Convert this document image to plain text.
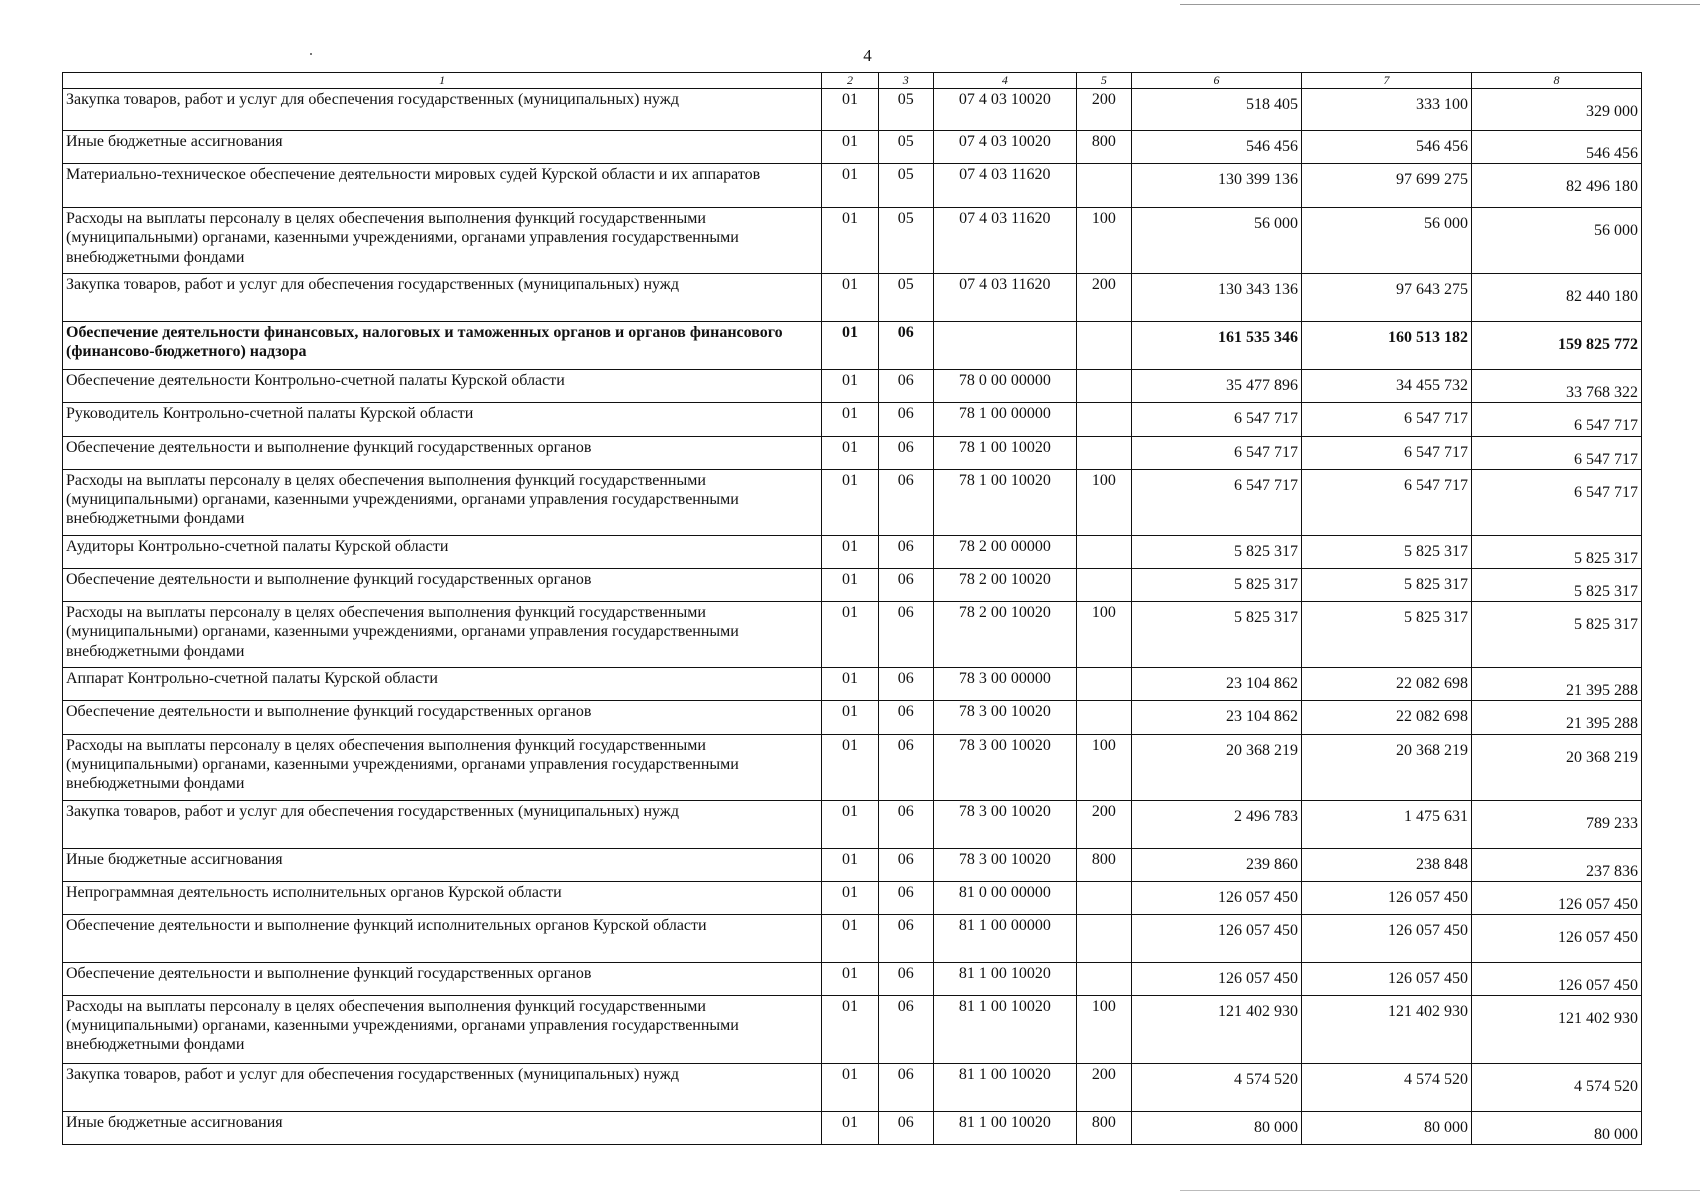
4
1	2	3	4	5	6	7	8
Закупка товаров, работ и услуг для обеспечения государственных (муниципальных) нужд	01	05	07 4 03 10020	200	518 405	333 100	329 000
Иные бюджетные ассигнования	01	05	07 4 03 10020	800	546 456	546 456	546 456
Материально-техническое обеспечение деятельности мировых судей Курской области и их аппаратов	01	05	07 4 03 11620		130 399 136	97 699 275	82 496 180
Расходы на выплаты персоналу в целях обеспечения выполнения функций государственными (муниципальными) органами, казенными учреждениями, органами управления государственными внебюджетными фондами	01	05	07 4 03 11620	100	56 000	56 000	56 000
Закупка товаров, работ и услуг для обеспечения государственных (муниципальных) нужд	01	05	07 4 03 11620	200	130 343 136	97 643 275	82 440 180
Обеспечение деятельности финансовых, налоговых и таможенных органов и органов финансового (финансово-бюджетного) надзора	01	06			161 535 346	160 513 182	159 825 772
Обеспечение деятельности Контрольно-счетной палаты Курской области	01	06	78 0 00 00000		35 477 896	34 455 732	33 768 322
Руководитель Контрольно-счетной палаты Курской области	01	06	78 1 00 00000		6 547 717	6 547 717	6 547 717
Обеспечение деятельности и выполнение функций государственных органов	01	06	78 1 00 10020		6 547 717	6 547 717	6 547 717
Расходы на выплаты персоналу в целях обеспечения выполнения функций государственными (муниципальными) органами, казенными учреждениями, органами управления государственными внебюджетными фондами	01	06	78 1 00 10020	100	6 547 717	6 547 717	6 547 717
Аудиторы Контрольно-счетной палаты Курской области	01	06	78 2 00 00000		5 825 317	5 825 317	5 825 317
Обеспечение деятельности и выполнение функций государственных органов	01	06	78 2 00 10020		5 825 317	5 825 317	5 825 317
Расходы на выплаты персоналу в целях обеспечения выполнения функций государственными (муниципальными) органами, казенными учреждениями, органами управления государственными внебюджетными фондами	01	06	78 2 00 10020	100	5 825 317	5 825 317	5 825 317
Аппарат Контрольно-счетной палаты Курской области	01	06	78 3 00 00000		23 104 862	22 082 698	21 395 288
Обеспечение деятельности и выполнение функций государственных органов	01	06	78 3 00 10020		23 104 862	22 082 698	21 395 288
Расходы на выплаты персоналу в целях обеспечения выполнения функций государственными (муниципальными) органами, казенными учреждениями, органами управления государственными внебюджетными фондами	01	06	78 3 00 10020	100	20 368 219	20 368 219	20 368 219
Закупка товаров, работ и услуг для обеспечения государственных (муниципальных) нужд	01	06	78 3 00 10020	200	2 496 783	1 475 631	789 233
Иные бюджетные ассигнования	01	06	78 3 00 10020	800	239 860	238 848	237 836
Непрограммная деятельность исполнительных органов Курской области	01	06	81 0 00 00000		126 057 450	126 057 450	126 057 450
Обеспечение деятельности и выполнение функций исполнительных органов Курской области	01	06	81 1 00 00000		126 057 450	126 057 450	126 057 450
Обеспечение деятельности и выполнение функций государственных органов	01	06	81 1 00 10020		126 057 450	126 057 450	126 057 450
Расходы на выплаты персоналу в целях обеспечения выполнения функций государственными (муниципальными) органами, казенными учреждениями, органами управления государственными внебюджетными фондами	01	06	81 1 00 10020	100	121 402 930	121 402 930	121 402 930
Закупка товаров, работ и услуг для обеспечения государственных (муниципальных) нужд	01	06	81 1 00 10020	200	4 574 520	4 574 520	4 574 520
Иные бюджетные ассигнования	01	06	81 1 00 10020	800	80 000	80 000	80 000
